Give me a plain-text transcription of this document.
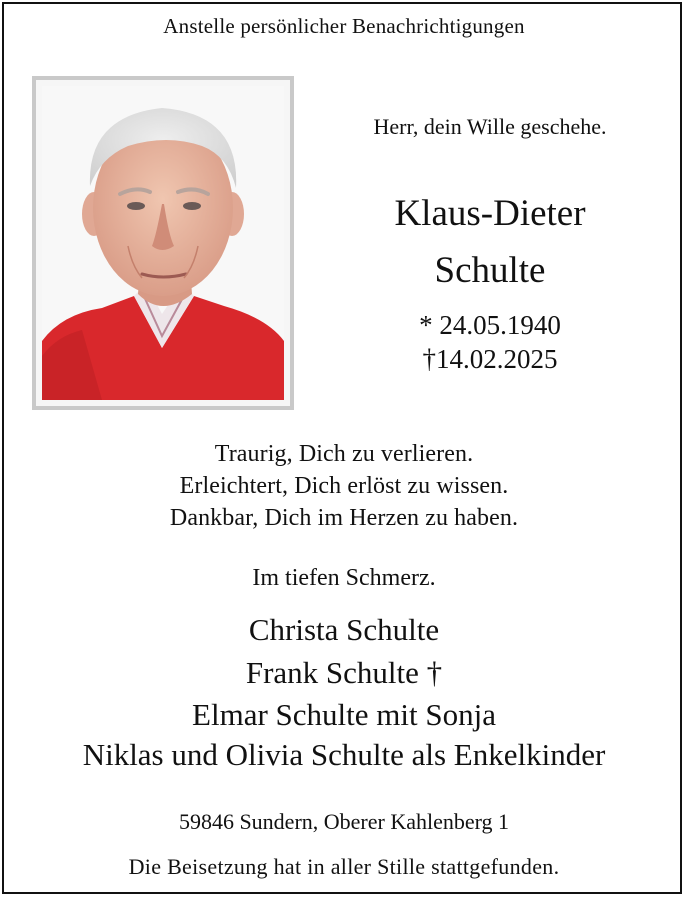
Anstelle persönlicher Benachrichtigungen
Herr, dein Wille geschehe.
Klaus-Dieter
Schulte
* 24.05.1940
†14.02.2025
Traurig, Dich zu verlieren.
Erleichtert, Dich erlöst zu wissen.
Dankbar, Dich im Herzen zu haben.
Im tiefen Schmerz.
Christa Schulte
Frank Schulte †
Elmar Schulte mit Sonja
Niklas und Olivia Schulte als Enkelkinder
59846 Sundern, Oberer Kahlenberg 1
Die Beisetzung hat in aller Stille stattgefunden.
